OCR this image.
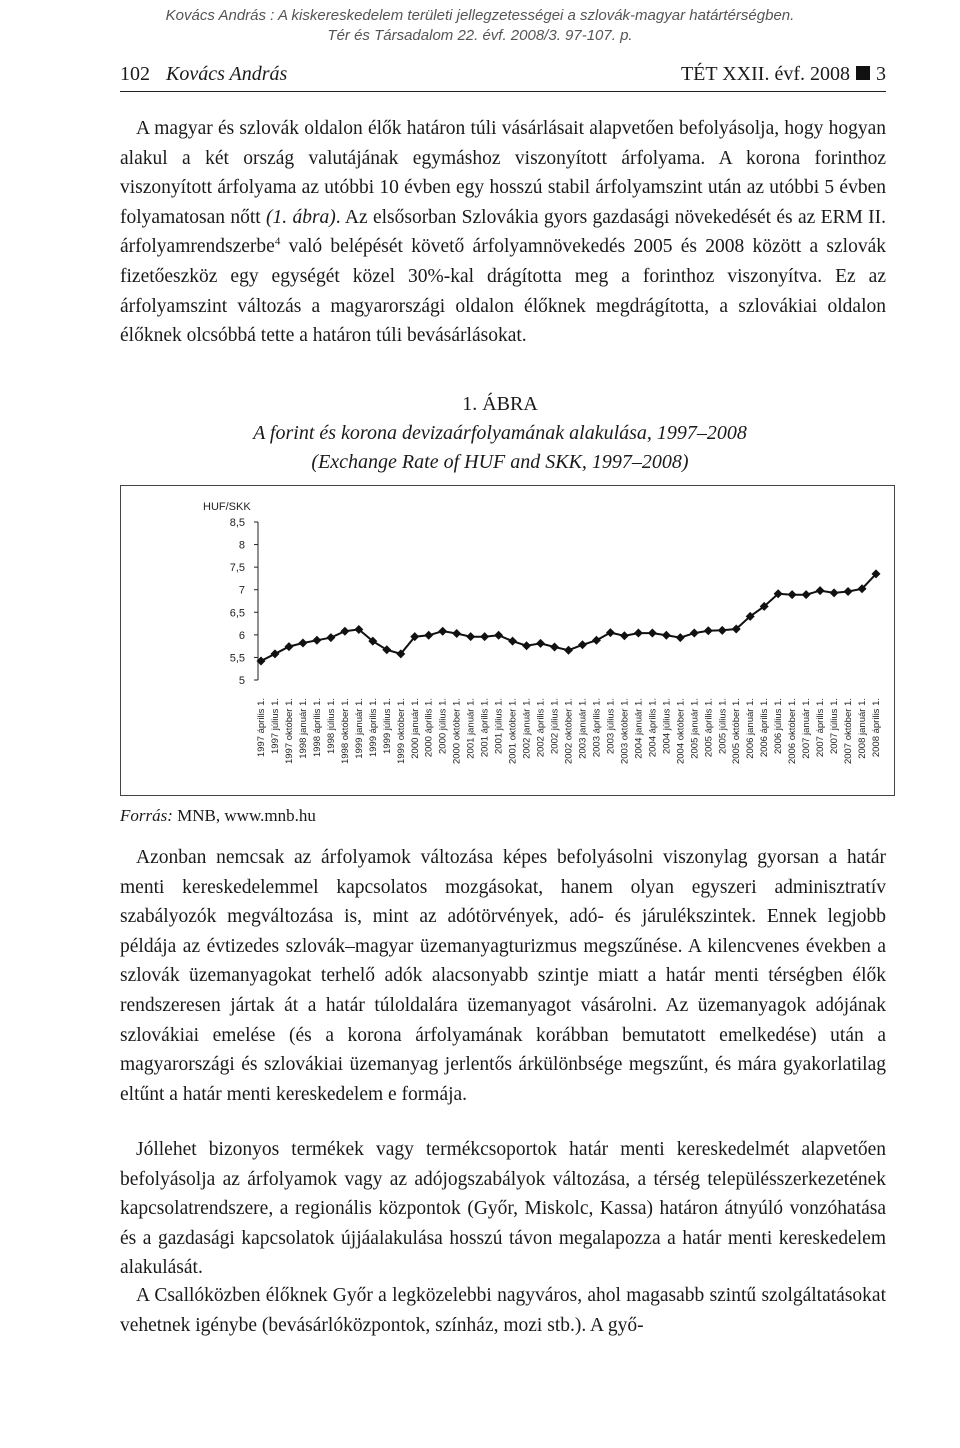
Kovács András : A kiskereskedelem területi jellegzetességei a szlovák-magyar határtérségben.
Tér és Társadalom 22. évf. 2008/3. 97-107. p.
102 Kovács András	TÉT XXII. évf. 2008 3

A magyar és szlovák oldalon élők határon túli vásárlásait alapvetően befolyásolja, hogy hogyan alakul a két ország valutájának egymáshoz viszonyított árfolyama. A korona forinthoz viszonyított árfolyama az utóbbi 10 évben egy hosszú stabil árfolyamszint után az utóbbi 5 évben folyamatosan nőtt (1. ábra). Az elsősorban Szlovákia gyors gazdasági növekedését és az ERM II. árfolyamrendszerbe$^4$ való belépését követő árfolyamnövekedés 2005 és 2008 között a szlovák fizetőeszköz egy egységét közel 30%-kal drágította meg a forinthoz viszonyítva. Ez az árfolyamszint változás a magyarországi oldalon élőknek megdrágította, a szlovákiai oldalon élőknek olcsóbbá tette a határon túli bevásárlásokat.

1. ÁBRA
A forint és korona devizaárfolyamának alakulása, 1997–2008
(Exchange Rate of HUF and SKK, 1997–2008)
HUF/SKK
5
5,5
6
6,5
7
7,5
8
8,5
1997 április 1. 1997 július 1. 1997 október 1. 1998 január 1. 1998 április 1. 1998 július 1. 1998 október 1. 1999 január 1. 1999 április 1. 1999 július 1. 1999 október 1. 2000 január 1. 2000 április 1. 2000 július 1. 2000 október 1. 2001 január 1. 2001 április 1. 2001 július 1. 2001 október 1. 2002 január 1. 2002 április 1. 2002 július 1. 2002 október 1. 2003 január 1. 2003 április 1. 2003 július 1. 2003 október 1. 2004 január 1. 2004 április 1. 2004 július 1. 2004 október 1. 2005 január 1. 2005 április 1. 2005 július 1. 2005 október 1. 2006 január 1. 2006 április 1. 2006 július 1. 2006 október 1. 2007 január 1. 2007 április 1. 2007 július 1. 2007 október 1. 2008 január 1. 2008 április 1.
Forrás: MNB, www.mnb.hu

Azonban nemcsak az árfolyamok változása képes befolyásolni viszonylag gyorsan a határ menti kereskedelemmel kapcsolatos mozgásokat, hanem olyan egyszeri adminisztratív szabályozók megváltozása is, mint az adótörvények, adó- és járulékszintek. Ennek legjobb példája az évtizedes szlovák–magyar üzemanyagturizmus megszűnése. A kilencvenes években a szlovák üzemanyagokat terhelő adók alacsonyabb szintje miatt a határ menti térségben élők rendszeresen jártak át a határ túloldalára üzemanyagot vásárolni. Az üzemanyagok adójának szlovákiai emelése (és a korona árfolyamának korábban bemutatott emelkedése) után a magyarországi és szlovákiai üzemanyag jerlentős árkülönbsége megszűnt, és mára gyakorlatilag eltűnt a határ menti kereskedelem e formája.

Jóllehet bizonyos termékek vagy termékcsoportok határ menti kereskedelmét alapvetően befolyásolja az árfolyamok vagy az adójogszabályok változása, a térség településszerkezetének kapcsolatrendszere, a regionális központok (Győr, Miskolc, Kassa) határon átnyúló vonzóhatása és a gazdasági kapcsolatok újjáalakulása hosszú távon megalapozza a határ menti kereskedelem alakulását.

A Csallóközben élőknek Győr a legközelebbi nagyváros, ahol magasabb szintű szolgáltatásokat vehetnek igénybe (bevásárlóközpontok, színház, mozi stb.). A győ-
